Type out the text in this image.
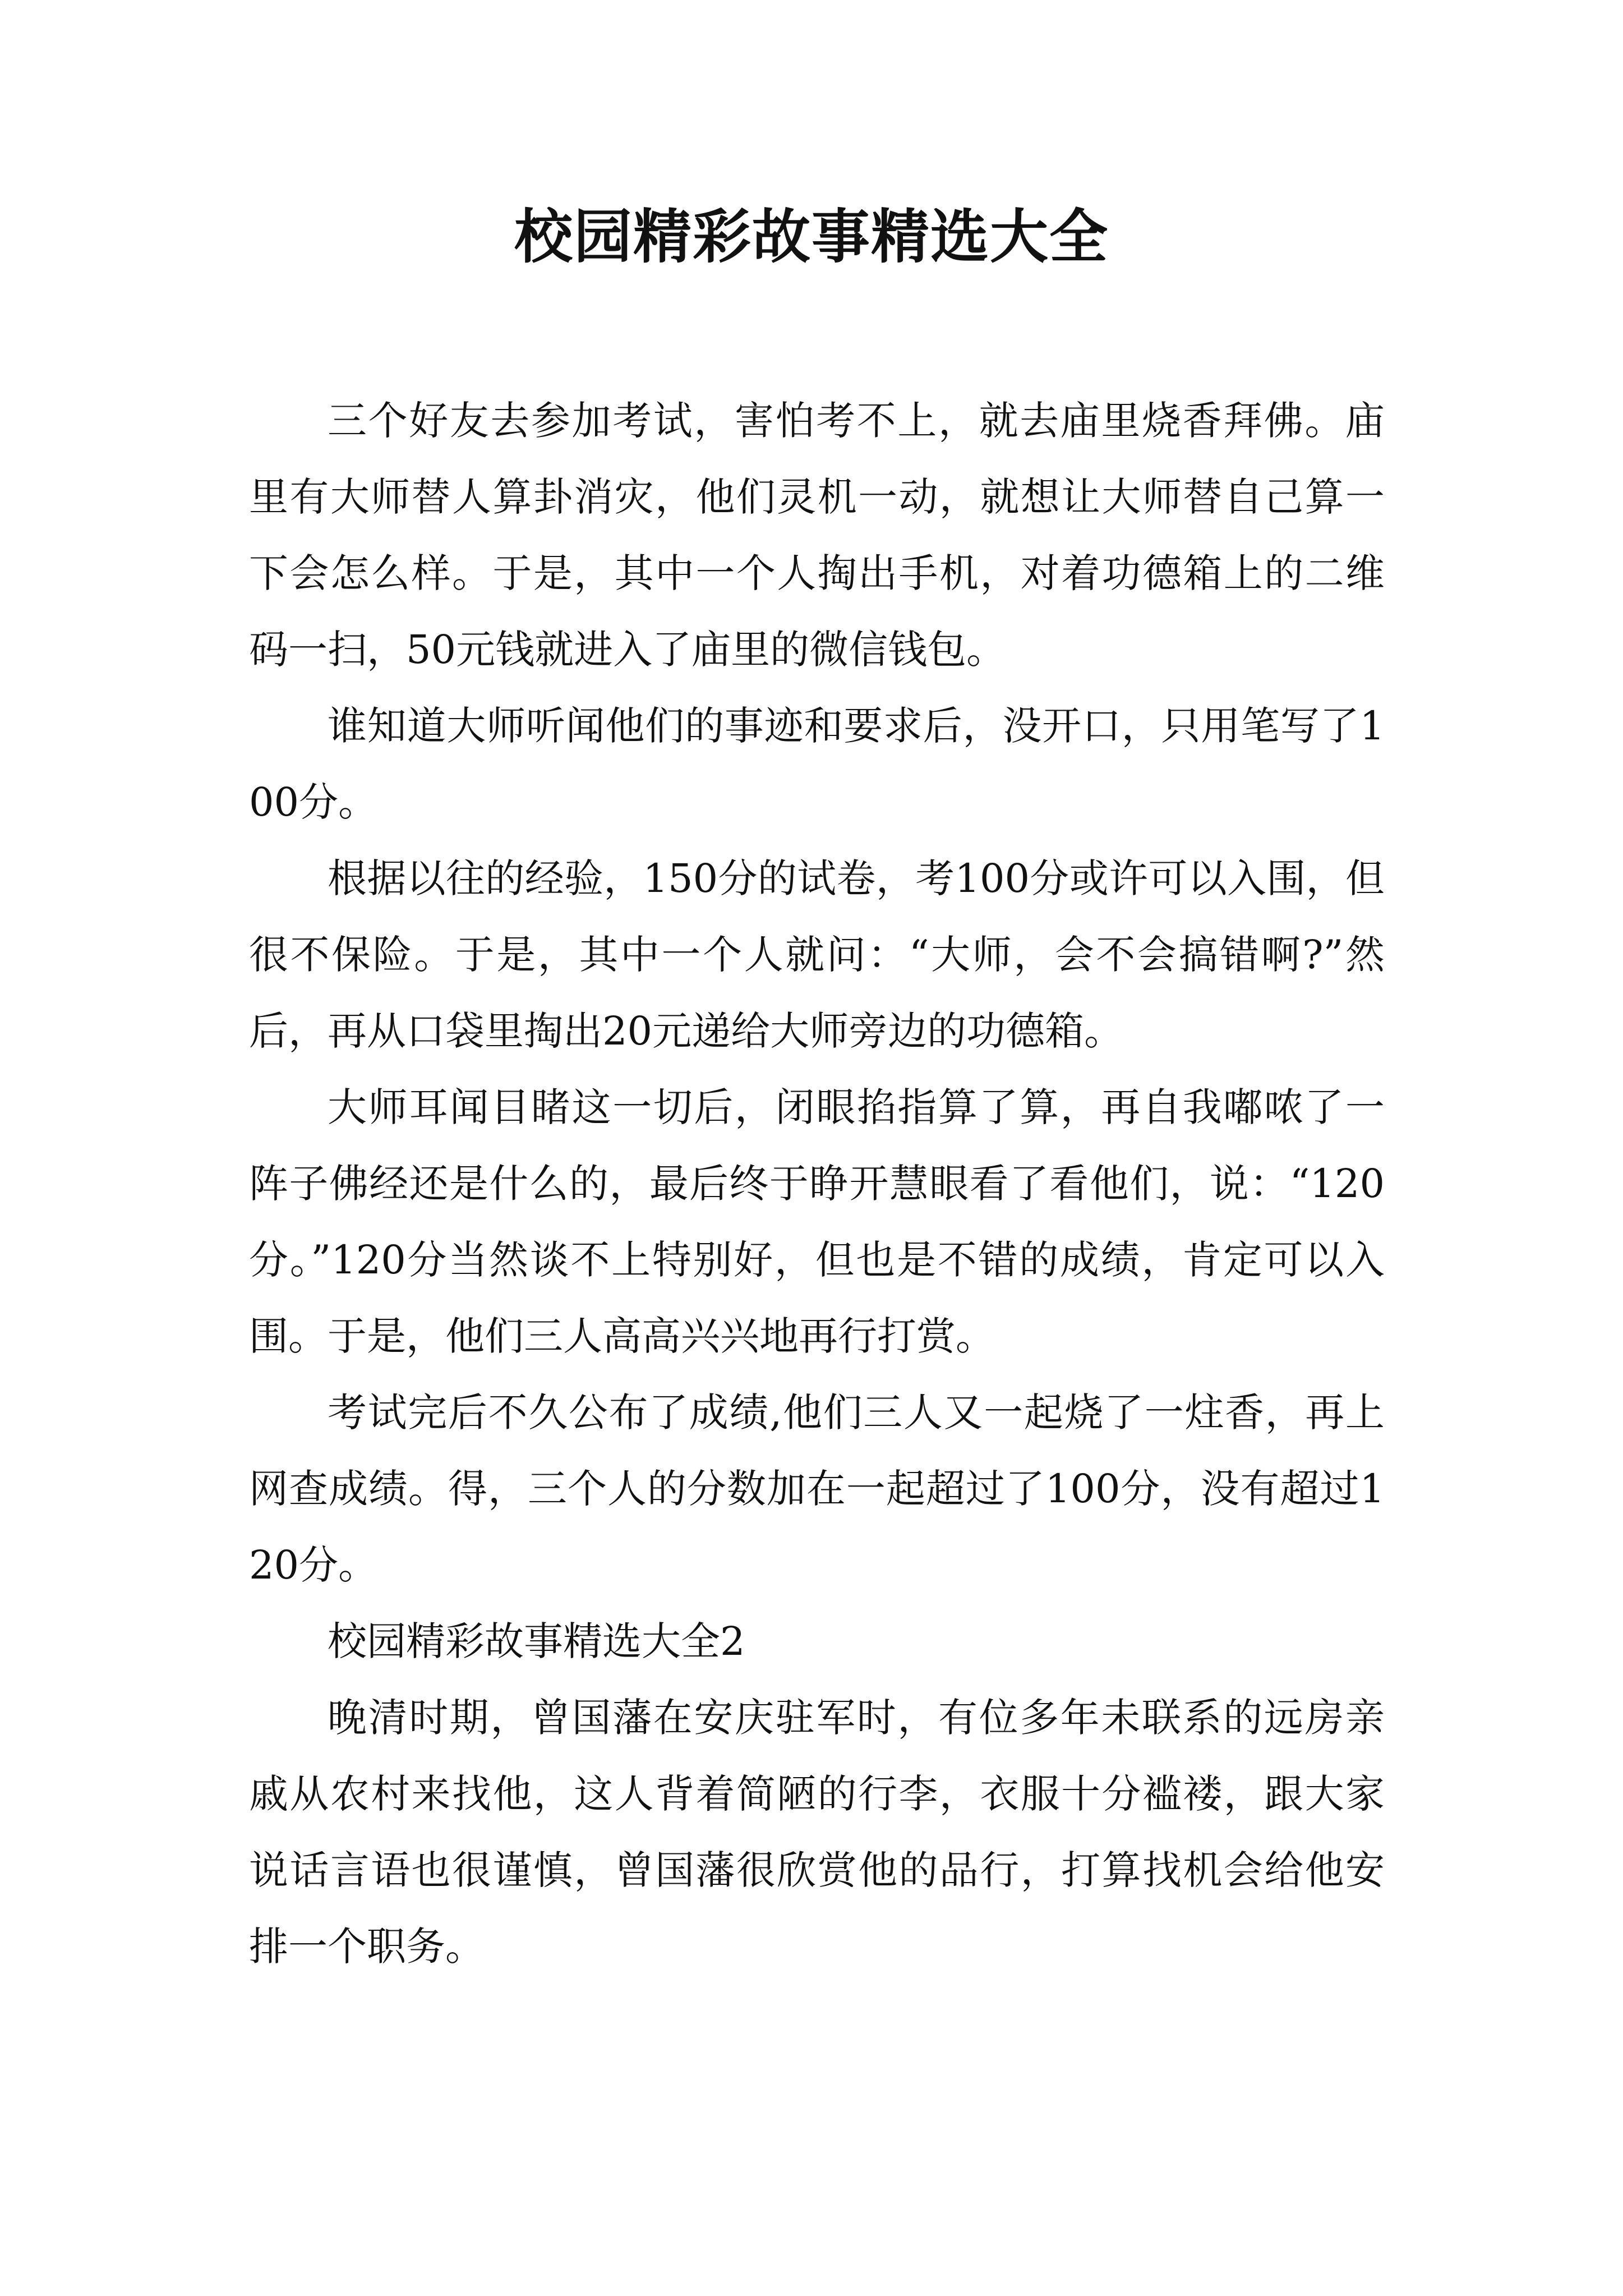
校园精彩故事精选大全

三个好友去参加考试，害怕考不上，就去庙里烧香拜佛。庙里有大师替人算卦消灾，他们灵机一动，就想让大师替自己算一下会怎么样。于是，其中一个人掏出手机，对着功德箱上的二维码一扫，50元钱就进入了庙里的微信钱包。

谁知道大师听闻他们的事迹和要求后，没开口，只用笔写了100分。

根据以往的经验，150分的试卷，考100分或许可以入围，但很不保险。于是，其中一个人就问：“大师，会不会搞错啊?”然后，再从口袋里掏出20元递给大师旁边的功德箱。

大师耳闻目睹这一切后，闭眼掐指算了算，再自我嘟哝了一阵子佛经还是什么的，最后终于睁开慧眼看了看他们，说：“120分。”120分当然谈不上特别好，但也是不错的成绩，肯定可以入围。于是，他们三人高高兴兴地再行打赏。

考试完后不久公布了成绩,他们三人又一起烧了一炷香，再上网查成绩。得，三个人的分数加在一起超过了100分，没有超过120分。

校园精彩故事精选大全2

晚清时期，曾国藩在安庆驻军时，有位多年未联系的远房亲戚从农村来找他，这人背着简陋的行李，衣服十分褴褛，跟大家说话言语也很谨慎，曾国藩很欣赏他的品行，打算找机会给他安排一个职务。
